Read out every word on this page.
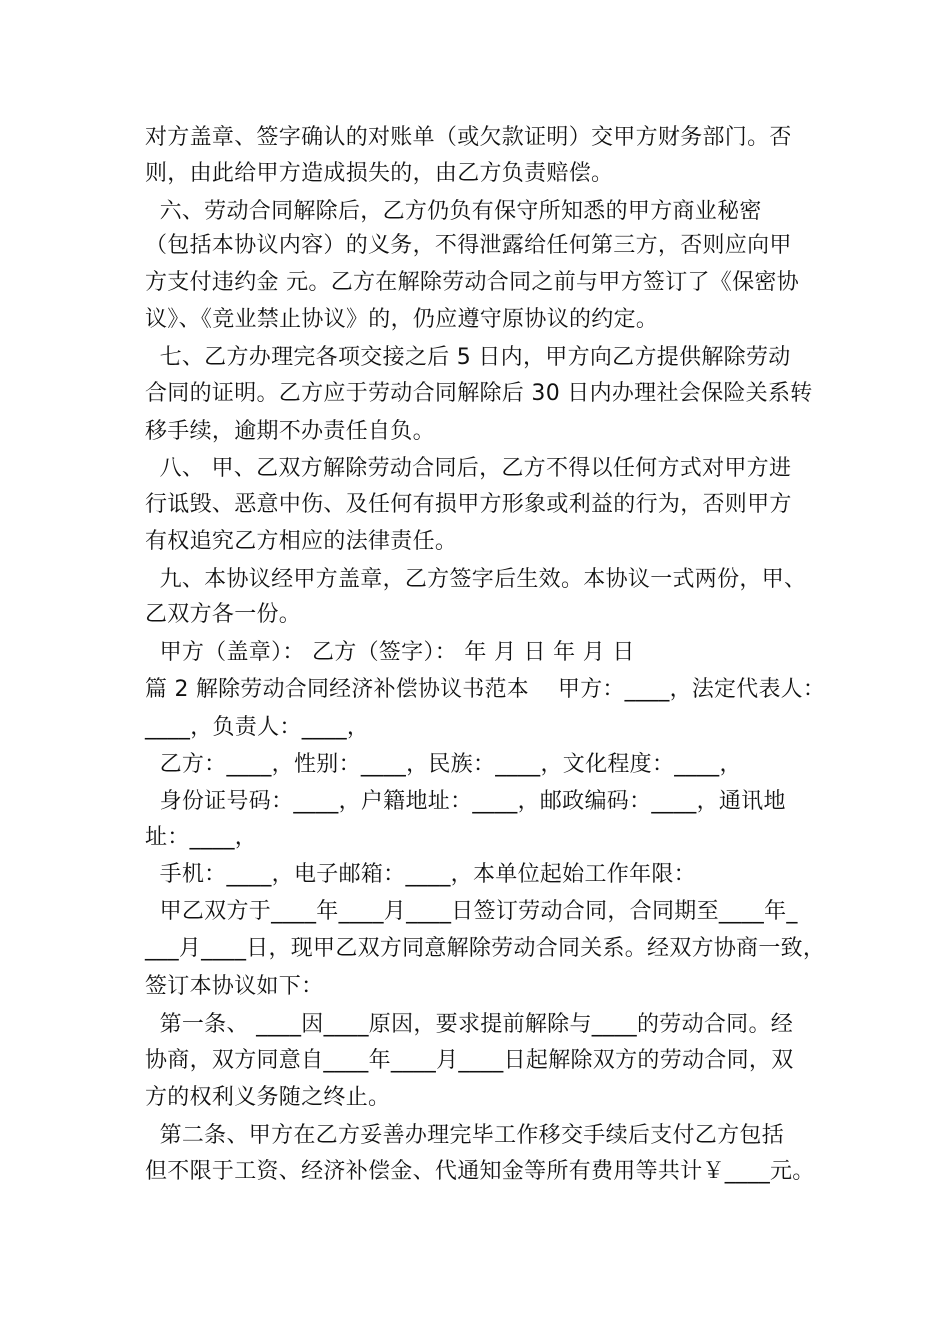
对方盖章、签字确认的对账单（或欠款证明）交甲方财务部门。否
则，由此给甲方造成损失的，由乙方负责赔偿。
六、劳动合同解除后，乙方仍负有保守所知悉的甲方商业秘密
（包括本协议内容）的义务，不得泄露给任何第三方，否则应向甲
方支付违约金 元。乙方在解除劳动合同之前与甲方签订了《保密协
议》、《竞业禁止协议》的，仍应遵守原协议的约定。
七、乙方办理完各项交接之后 5 日内，甲方向乙方提供解除劳动
合同的证明。乙方应于劳动合同解除后 30 日内办理社会保险关系转
移手续，逾期不办责任自负。
八、 甲、乙双方解除劳动合同后，乙方不得以任何方式对甲方进
行诋毁、恶意中伤、及任何有损甲方形象或利益的行为，否则甲方
有权追究乙方相应的法律责任。
九、本协议经甲方盖章，乙方签字后生效。本协议一式两份，甲、
乙双方各一份。
甲方（盖章）： 乙方（签字）： 年 月 日 年 月 日
篇 2 解除劳动合同经济补偿协议书范本    甲方：____，法定代表人：
____，负责人：____，
乙方：____，性别：____，民族：____，文化程度：____，
身份证号码：____，户籍地址：____，邮政编码：____，通讯地
址：____，
手机：____，电子邮箱：____，本单位起始工作年限：
甲乙双方于____年____月____日签订劳动合同，合同期至____年_
___月____日，现甲乙双方同意解除劳动合同关系。经双方协商一致，
签订本协议如下：
第一条、 ____因____原因，要求提前解除与____的劳动合同。经
协商，双方同意自____年____月____日起解除双方的劳动合同，双
方的权利义务随之终止。
第二条、甲方在乙方妥善办理完毕工作移交手续后支付乙方包括
但不限于工资、经济补偿金、代通知金等所有费用等共计￥____元。
